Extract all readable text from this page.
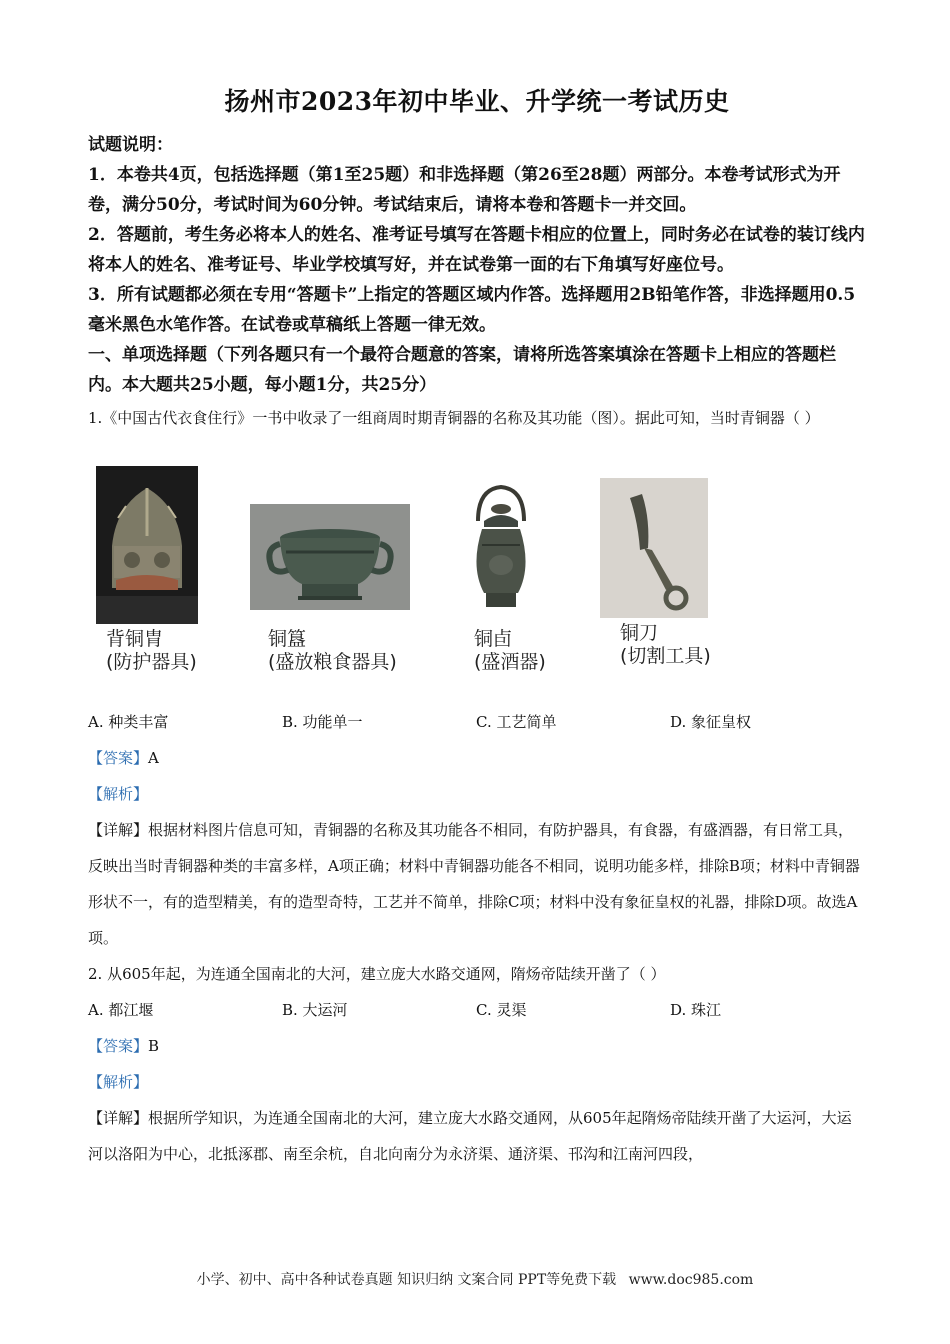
扬州市2023年初中毕业、升学统一考试历史

试题说明：

1．本卷共4页，包括选择题（第1至25题）和非选择题（第26至28题）两部分。本卷考试形式为开卷，满分50分，考试时间为60分钟。考试结束后，请将本卷和答题卡一并交回。

2．答题前，考生务必将本人的姓名、准考证号填写在答题卡相应的位置上，同时务必在试卷的装订线内将本人的姓名、准考证号、毕业学校填写好，并在试卷第一面的右下角填写好座位号。

3．所有试题都必须在专用“答题卡”上指定的答题区域内作答。选择题用2B铅笔作答，非选择题用0.5毫米黑色水笔作答。在试卷或草稿纸上答题一律无效。

一、单项选择题（下列各题只有一个最符合题意的答案，请将所选答案填涂在答题卡上相应的答题栏内。本大题共25小题，每小题1分，共25分）

1.《中国古代衣食住行》一书中收录了一组商周时期青铜器的名称及其功能（图）。据此可知，当时青铜器（ ）

背铜胄
(防护器具)
铜簋
(盛放粮食器具)
铜卣
(盛酒器)
铜刀
(切割工具)
A. 种类丰富	B. 功能单一	C. 工艺简单	D. 象征皇权

【答案】A

【解析】

【详解】根据材料图片信息可知，青铜器的名称及其功能各不相同，有防护器具，有食器，有盛酒器，有日常工具，反映出当时青铜器种类的丰富多样，A项正确；材料中青铜器功能各不相同，说明功能多样，排除B项；材料中青铜器形状不一，有的造型精美，有的造型奇特，工艺并不简单，排除C项；材料中没有象征皇权的礼器，排除D项。故选A项。

2. 从605年起，为连通全国南北的大河，建立庞大水路交通网，隋炀帝陆续开凿了（ ）

A. 都江堰	B. 大运河	C. 灵渠	D. 珠江

【答案】B

【解析】

【详解】根据所学知识，为连通全国南北的大河，建立庞大水路交通网，从605年起隋炀帝陆续开凿了大运河，大运河以洛阳为中心，北抵涿郡、南至余杭，自北向南分为永济渠、通济渠、邗沟和江南河四段，

小学、初中、高中各种试卷真题 知识归纳 文案合同 PPT等免费下载 www.doc985.com
